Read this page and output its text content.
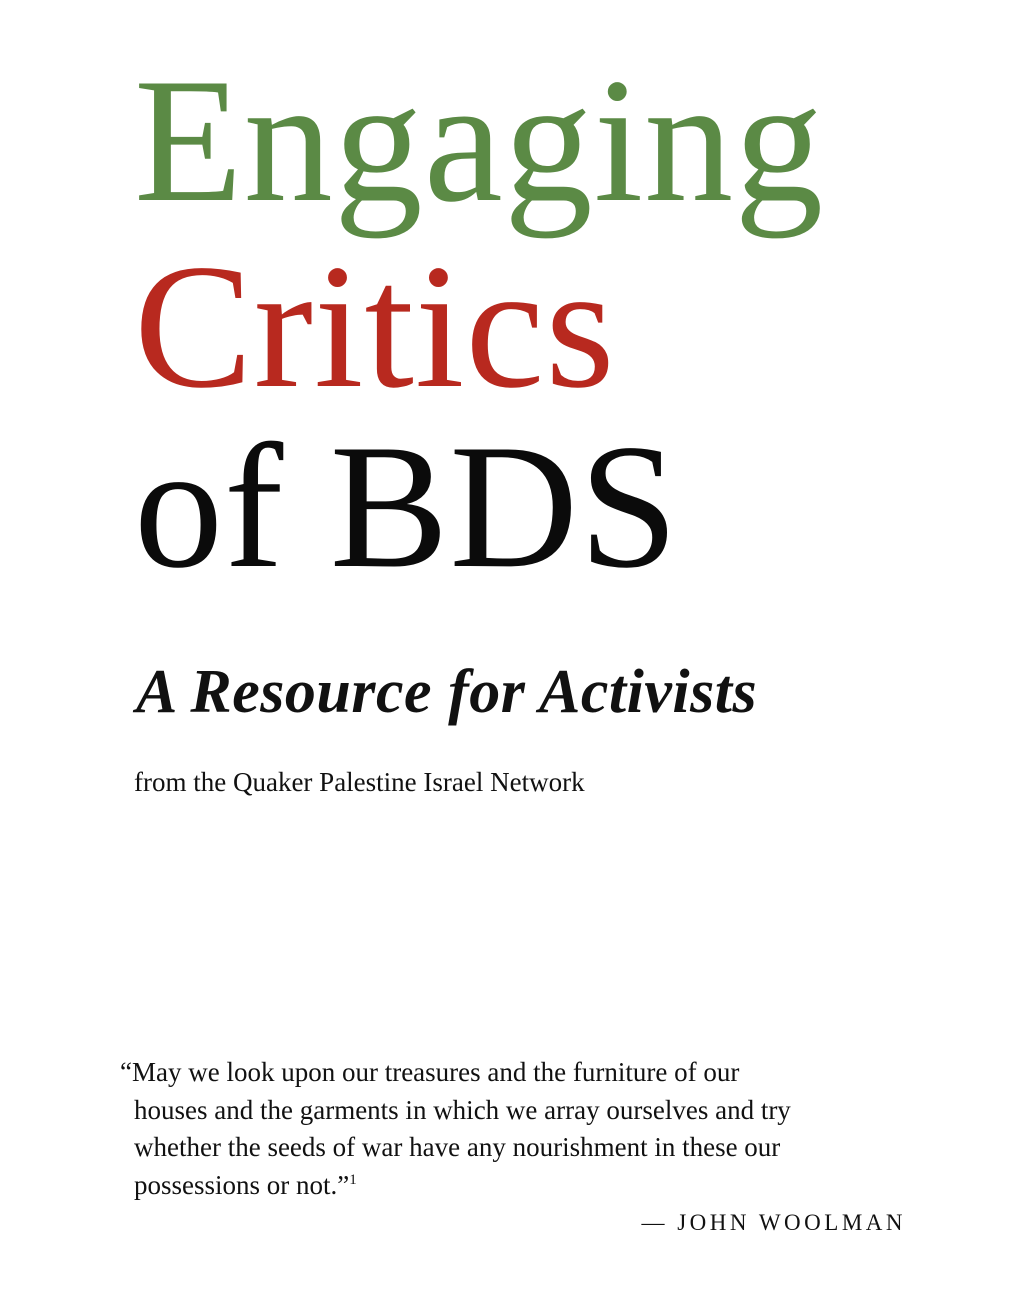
Engaging
Critics
of BDS
A Resource for Activists

from the Quaker Palestine Israel Network

“May we look upon our treasures and the furniture of our
houses and the garments in which we array ourselves and try
whether the seeds of war have any nourishment in these our
possessions or not.”$^1$

— JOHN WOOLMAN
